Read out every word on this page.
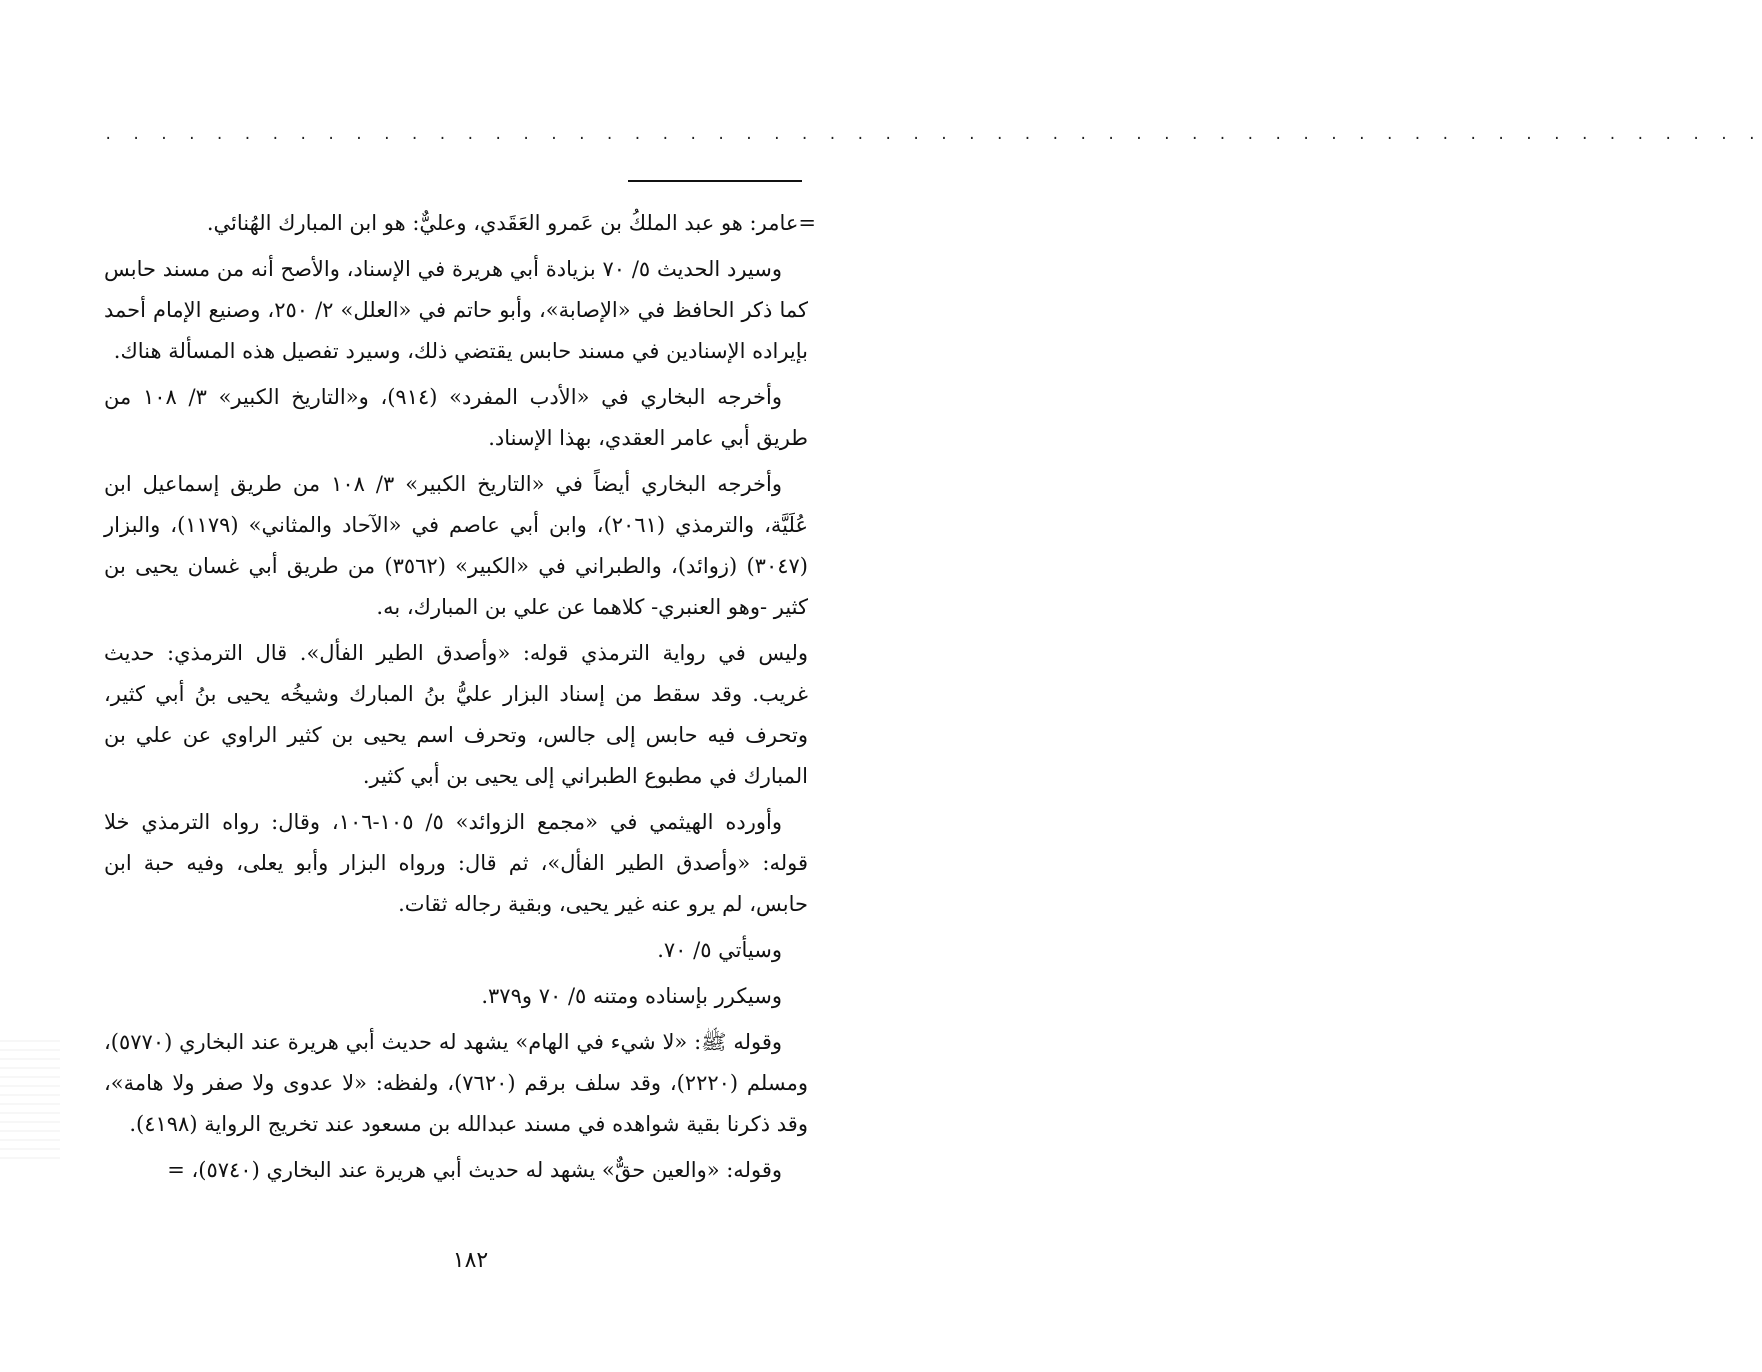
. . . . . . . . . . . . . . . . . . . . . . . . . . . . . . . . . . . . . . . . . . . . . . . . . . . . . . . . . . . .

=عامر: هو عبد الملكُ بن عَمرو العَقَدي، وعليٌّ: هو ابن المبارك الهُنائي.

وسيرد الحديث ٥/ ٧٠ بزيادة أبي هريرة في الإسناد، والأصح أنه من مسند حابس كما ذكر الحافظ في «الإصابة»، وأبو حاتم في «العلل» ٢/ ٢٥٠، وصنيع الإمام أحمد بإيراده الإسنادين في مسند حابس يقتضي ذلك، وسيرد تفصيل هذه المسألة هناك.

وأخرجه البخاري في «الأدب المفرد» (٩١٤)، و«التاريخ الكبير» ٣/ ١٠٨ من طريق أبي عامر العقدي، بهذا الإسناد.

وأخرجه البخاري أيضاً في «التاريخ الكبير» ٣/ ١٠٨ من طريق إسماعيل ابن عُلَيَّة، والترمذي (٢٠٦١)، وابن أبي عاصم في «الآحاد والمثاني» (١١٧٩)، والبزار (٣٠٤٧) (زوائد)، والطبراني في «الكبير» (٣٥٦٢) من طريق أبي غسان يحيى بن كثير -وهو العنبري- كلاهما عن علي بن المبارك، به.

وليس في رواية الترمذي قوله: «وأصدق الطير الفأل». قال الترمذي: حديث غريب. وقد سقط من إسناد البزار عليُّ بنُ المبارك وشيخُه يحيى بنُ أبي كثير، وتحرف فيه حابس إلى جالس، وتحرف اسم يحيى بن كثير الراوي عن علي بن المبارك في مطبوع الطبراني إلى يحيى بن أبي كثير.

وأورده الهيثمي في «مجمع الزوائد» ٥/ ١٠٥-١٠٦، وقال: رواه الترمذي خلا قوله: «وأصدق الطير الفأل»، ثم قال: ورواه البزار وأبو يعلى، وفيه حبة ابن حابس، لم يرو عنه غير يحيى، وبقية رجاله ثقات.

وسيأتي ٥/ ٧٠.

وسيكرر بإسناده ومتنه ٥/ ٧٠ و٣٧٩.

وقوله ﷺ: «لا شيء في الهام» يشهد له حديث أبي هريرة عند البخاري (٥٧٧٠)، ومسلم (٢٢٢٠)، وقد سلف برقم (٧٦٢٠)، ولفظه: «لا عدوى ولا صفر ولا هامة»، وقد ذكرنا بقية شواهده في مسند عبدالله بن مسعود عند تخريج الرواية (٤١٩٨).

وقوله: «والعين حقٌّ» يشهد له حديث أبي هريرة عند البخاري (٥٧٤٠)، =

١٨٢
